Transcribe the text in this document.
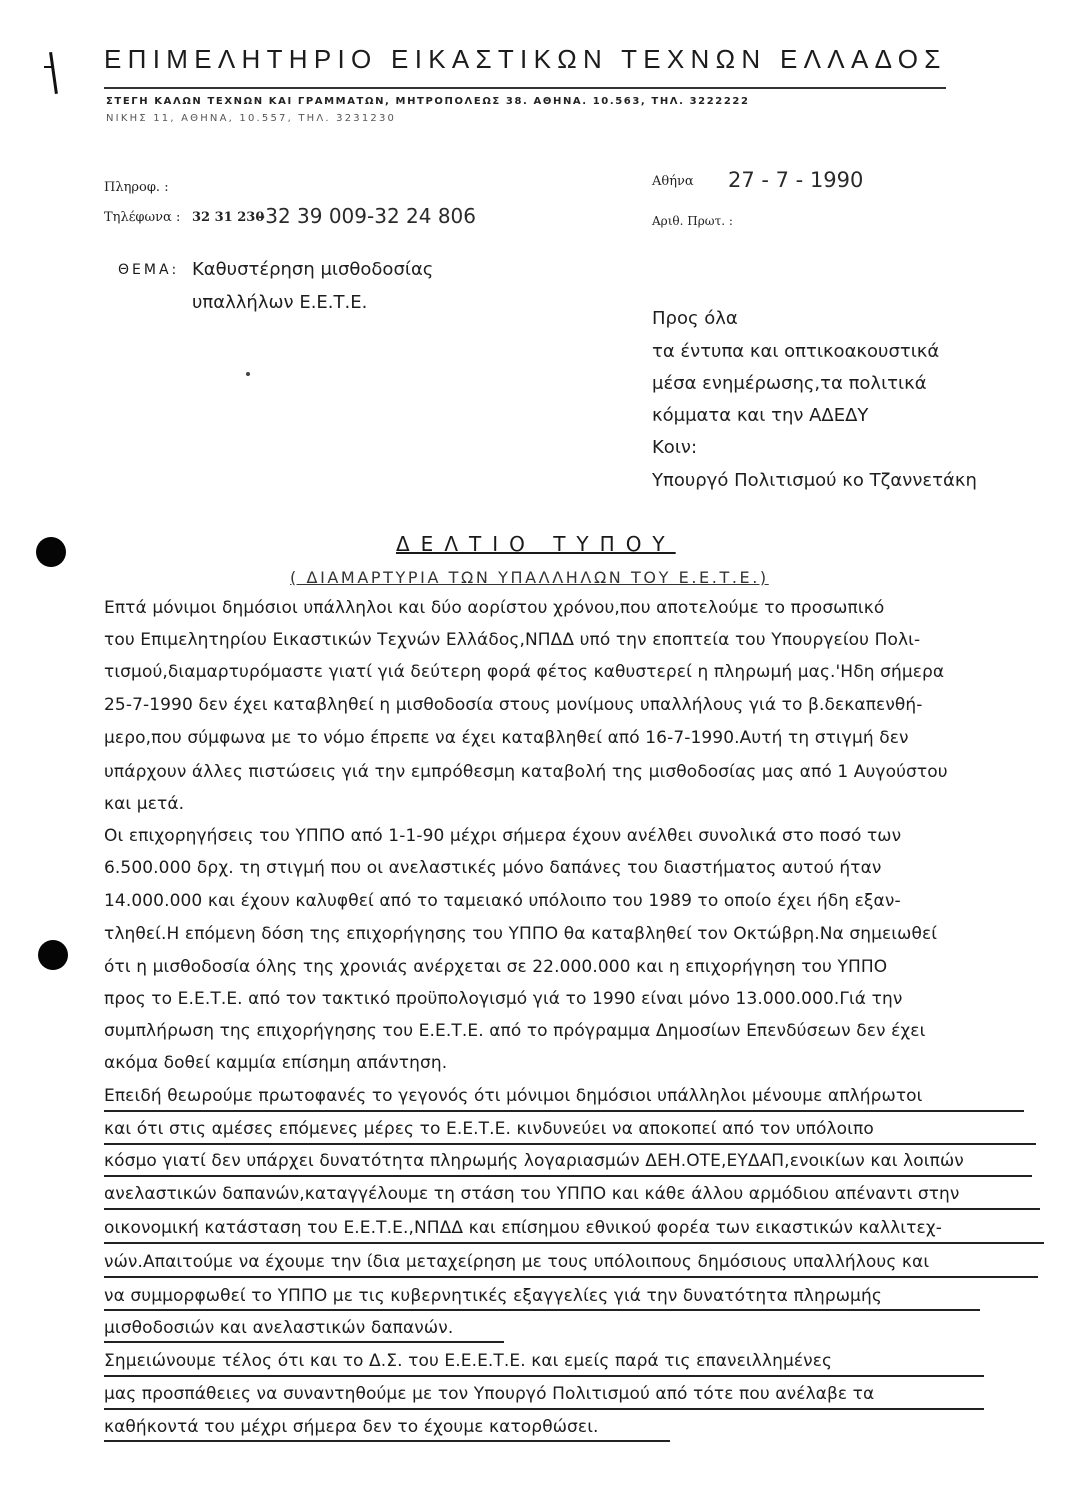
ΕΠΙΜΕΛΗΤΗΡΙΟ ΕΙΚΑΣΤΙΚΩΝ ΤΕΧΝΩΝ ΕΛΛΑΔΟΣ
ΣΤΕΓΗ ΚΑΛΩΝ ΤΕΧΝΩΝ ΚΑΙ ΓΡΑΜΜΑΤΩΝ, ΜΗΤΡΟΠΟΛΕΩΣ 38. ΑΘΗΝΑ. 10.563, ΤΗΛ. 3222222
ΝΙΚΗΣ 11, ΑΘΗΝΑ, 10.557, ΤΗΛ. 3231230
Πληροφ. :
Τηλέφωνα : 32 31 230
-32 39 009-32 24 806
Αθήνα 27 - 7 - 1990
Αριθ. Πρωτ. :
ΘΕΜΑ: Καθυστέρηση μισθοδοσίας
υπαλλήλων Ε.Ε.Τ.Ε.
Προς όλα
τα έντυπα και οπτικοακουστικά
μέσα ενημέρωσης,τα πολιτικά
κόμματα και την ΑΔΕΔΥ
Κοιν:
Υπουργό Πολιτισμού κο Τζαννετάκη
ΔΕΛΤΙΟ ΤΥΠΟΥ
( ΔΙΑΜΑΡΤΥΡΙΑ ΤΩΝ ΥΠΑΛΛΗΛΩΝ ΤΟΥ Ε.Ε.Τ.Ε.)
Επτά μόνιμοι δημόσιοι υπάλληλοι και δύο αορίστου χρόνου,που αποτελούμε το προσωπικό
του Επιμελητηρίου Εικαστικών Τεχνών Ελλάδος,ΝΠΔΔ υπό την εποπτεία του Υπουργείου Πολι-
τισμού,διαμαρτυρόμαστε γιατί γιά δεύτερη φορά φέτος καθυστερεί η πληρωμή μας.'Ηδη σήμερα
25-7-1990 δεν έχει καταβληθεί η μισθοδοσία στους μονίμους υπαλλήλους γιά το β.δεκαπενθή-
μερο,που σύμφωνα με το νόμο έπρεπε να έχει καταβληθεί από 16-7-1990.Αυτή τη στιγμή δεν
υπάρχουν άλλες πιστώσεις γιά την εμπρόθεσμη καταβολή της μισθοδοσίας μας από 1 Αυγούστου
και μετά.
Οι επιχορηγήσεις του ΥΠΠΟ από 1-1-90 μέχρι σήμερα έχουν ανέλθει συνολικά στο ποσό των
6.500.000 δρχ. τη στιγμή που οι ανελαστικές μόνο δαπάνες του διαστήματος αυτού ήταν
14.000.000 και έχουν καλυφθεί από το ταμειακό υπόλοιπο του 1989 το οποίο έχει ήδη εξαν-
τληθεί.Η επόμενη δόση της επιχορήγησης του ΥΠΠΟ θα καταβληθεί τον Οκτώβρη.Να σημειωθεί
ότι η μισθοδοσία όλης της χρονιάς ανέρχεται σε 22.000.000 και η επιχορήγηση του ΥΠΠΟ
προς το Ε.Ε.Τ.Ε. από τον τακτικό προϋπολογισμό γιά το 1990 είναι μόνο 13.000.000.Γιά την
συμπλήρωση της επιχορήγησης του Ε.Ε.Τ.Ε. από το πρόγραμμα Δημοσίων Επενδύσεων δεν έχει
ακόμα δοθεί καμμία επίσημη απάντηση.
Επειδή θεωρούμε πρωτοφανές το γεγονός ότι μόνιμοι δημόσιοι υπάλληλοι μένουμε απλήρωτοι
και ότι στις αμέσες επόμενες μέρες το Ε.Ε.Τ.Ε. κινδυνεύει να αποκοπεί από τον υπόλοιπο
κόσμο γιατί δεν υπάρχει δυνατότητα πληρωμής λογαριασμών ΔΕΗ.ΟΤΕ,ΕΥΔΑΠ,ενοικίων και λοιπών
ανελαστικών δαπανών,καταγγέλουμε τη στάση του ΥΠΠΟ και κάθε άλλου αρμόδιου απέναντι στην
οικονομική κατάσταση του Ε.Ε.Τ.Ε.,ΝΠΔΔ και επίσημου εθνικού φορέα των εικαστικών καλλιτεχ-
νών.Απαιτούμε να έχουμε την ίδια μεταχείρηση με τους υπόλοιπους δημόσιους υπαλλήλους και
να συμμορφωθεί το ΥΠΠΟ με τις κυβερνητικές εξαγγελίες γιά την δυνατότητα πληρωμής
μισθοδοσιών και ανελαστικών δαπανών.
Σημειώνουμε τέλος ότι και το Δ.Σ. του Ε.Ε.Ε.Τ.Ε. και εμείς παρά τις επανειλλημένες
μας προσπάθειες να συναντηθούμε με τον Υπουργό Πολιτισμού από τότε που ανέλαβε τα
καθήκοντά του μέχρι σήμερα δεν το έχουμε κατορθώσει.
